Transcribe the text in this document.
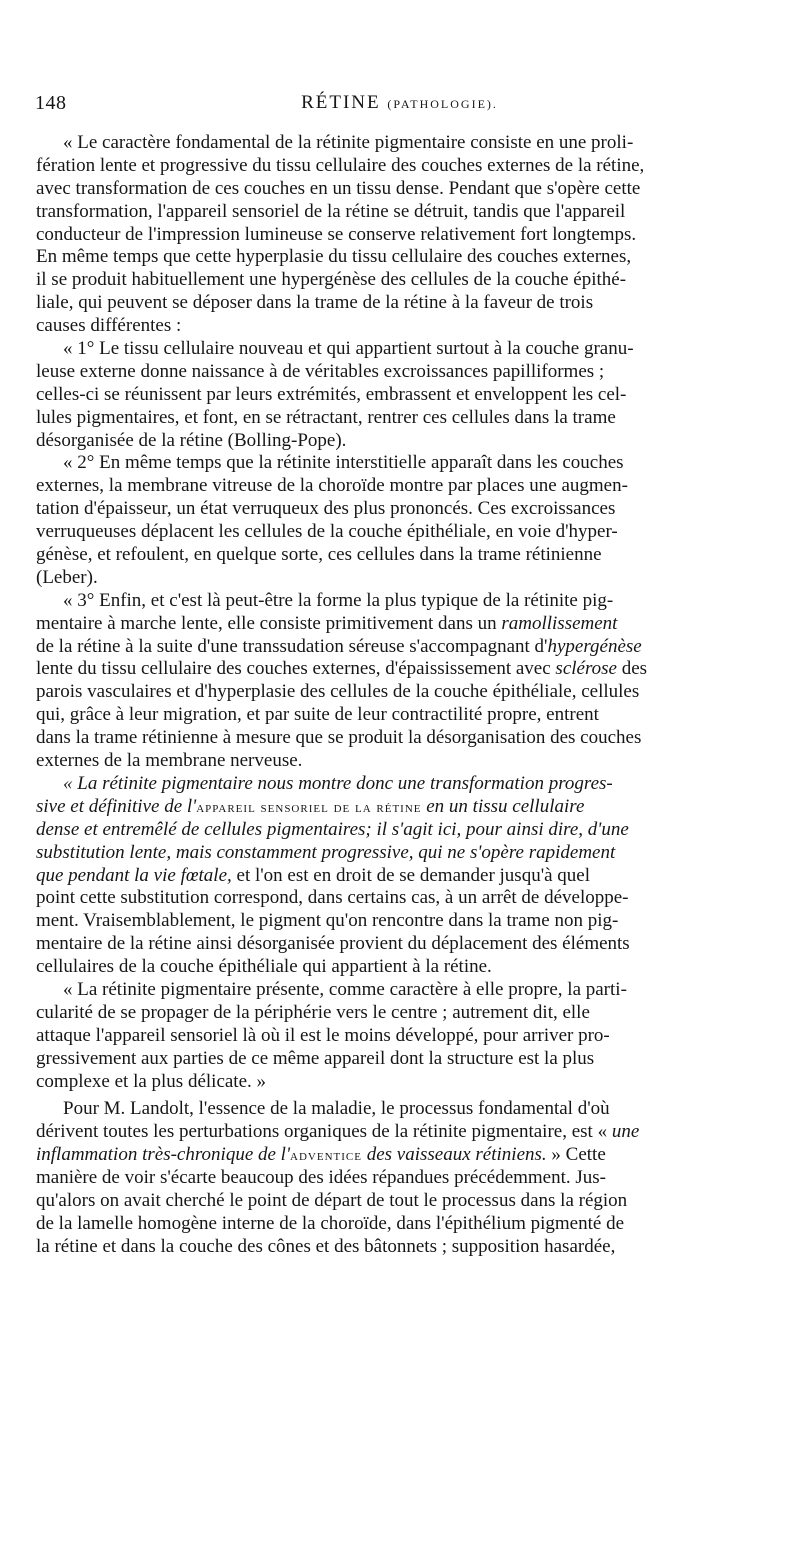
148	RÉTINE (PATHOLOGIE).
« Le caractère fondamental de la rétinite pigmentaire consiste en une proli-
fération lente et progressive du tissu cellulaire des couches externes de la rétine,
avec transformation de ces couches en un tissu dense. Pendant que s'opère cette
transformation, l'appareil sensoriel de la rétine se détruit, tandis que l'appareil
conducteur de l'impression lumineuse se conserve relativement fort longtemps.
En même temps que cette hyperplasie du tissu cellulaire des couches externes,
il se produit habituellement une hypergénèse des cellules de la couche épithé-
liale, qui peuvent se déposer dans la trame de la rétine à la faveur de trois
causes différentes :
« 1° Le tissu cellulaire nouveau et qui appartient surtout à la couche granu-
leuse externe donne naissance à de véritables excroissances papilliformes ;
celles-ci se réunissent par leurs extrémités, embrassent et enveloppent les cel-
lules pigmentaires, et font, en se rétractant, rentrer ces cellules dans la trame
désorganisée de la rétine (Bolling-Pope).
« 2° En même temps que la rétinite interstitielle apparaît dans les couches
externes, la membrane vitreuse de la choroïde montre par places une augmen-
tation d'épaisseur, un état verruqueux des plus prononcés. Ces excroissances
verruqueuses déplacent les cellules de la couche épithéliale, en voie d'hyper-
génèse, et refoulent, en quelque sorte, ces cellules dans la trame rétinienne
(Leber).
« 3° Enfin, et c'est là peut-être la forme la plus typique de la rétinite pig-
mentaire à marche lente, elle consiste primitivement dans un ramollissement
de la rétine à la suite d'une transsudation séreuse s'accompagnant d'hypergénèse
lente du tissu cellulaire des couches externes, d'épaississement avec sclérose des
parois vasculaires et d'hyperplasie des cellules de la couche épithéliale, cellules
qui, grâce à leur migration, et par suite de leur contractilité propre, entrent
dans la trame rétinienne à mesure que se produit la désorganisation des couches
externes de la membrane nerveuse.
« La rétinite pigmentaire nous montre donc une transformation progres-
sive et définitive de l'appareil sensoriel de la rétine en un tissu cellulaire
dense et entremêlé de cellules pigmentaires; il s'agit ici, pour ainsi dire, d'une
substitution lente, mais constamment progressive, qui ne s'opère rapidement
que pendant la vie fœtale, et l'on est en droit de se demander jusqu'à quel
point cette substitution correspond, dans certains cas, à un arrêt de développe-
ment. Vraisemblablement, le pigment qu'on rencontre dans la trame non pig-
mentaire de la rétine ainsi désorganisée provient du déplacement des éléments
cellulaires de la couche épithéliale qui appartient à la rétine.
« La rétinite pigmentaire présente, comme caractère à elle propre, la parti-
cularité de se propager de la périphérie vers le centre ; autrement dit, elle
attaque l'appareil sensoriel là où il est le moins développé, pour arriver pro-
gressivement aux parties de ce même appareil dont la structure est la plus
complexe et la plus délicate. »
Pour M. Landolt, l'essence de la maladie, le processus fondamental d'où
dérivent toutes les perturbations organiques de la rétinite pigmentaire, est « une
inflammation très-chronique de l'adventice des vaisseaux rétiniens. » Cette
manière de voir s'écarte beaucoup des idées répandues précédemment. Jus-
qu'alors on avait cherché le point de départ de tout le processus dans la région
de la lamelle homogène interne de la choroïde, dans l'épithélium pigmenté de
la rétine et dans la couche des cônes et des bâtonnets ; supposition hasardée,
